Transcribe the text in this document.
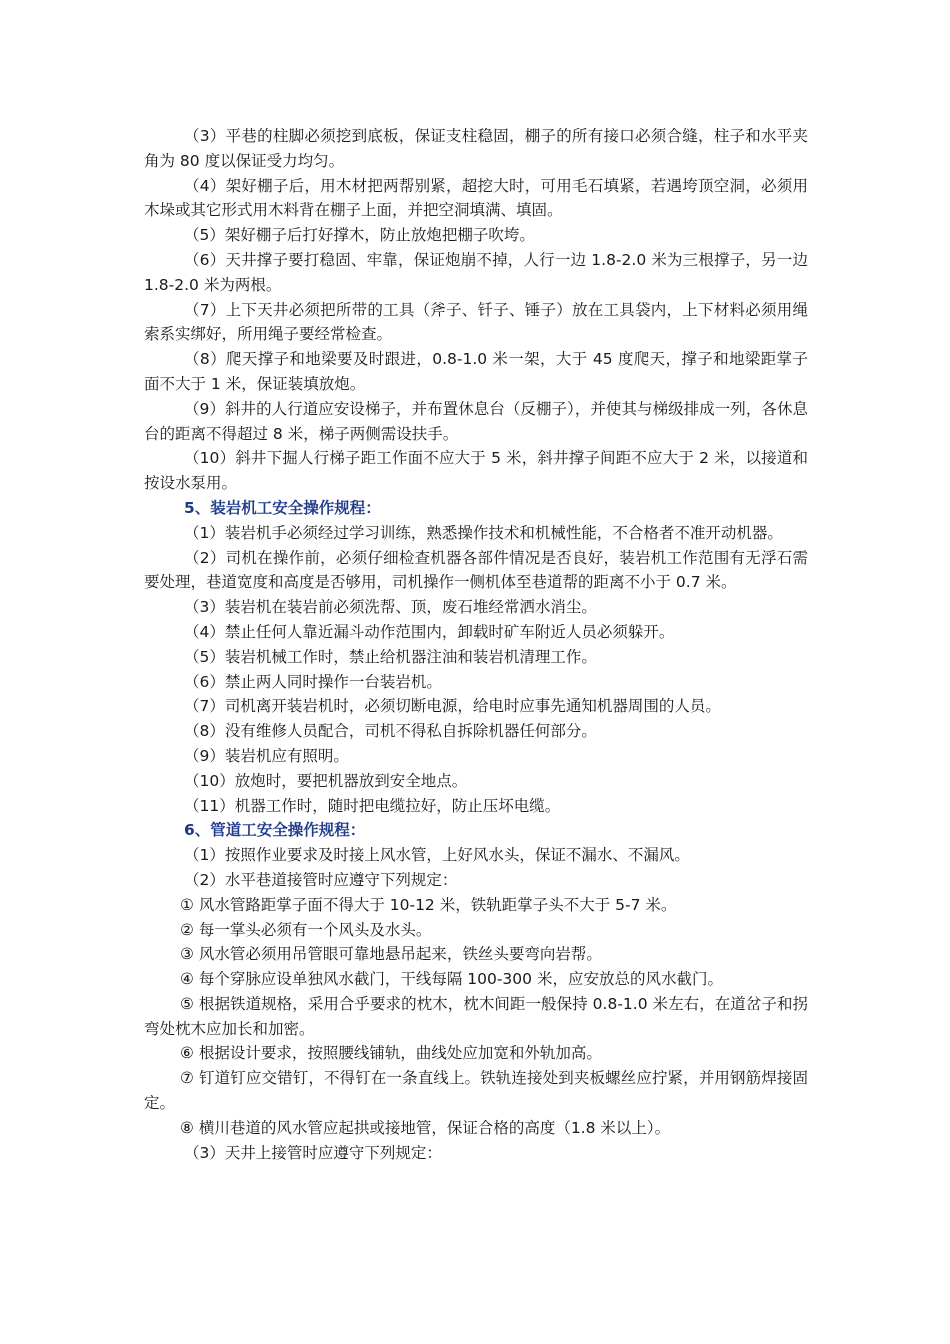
（3）平巷的柱脚必须挖到底板，保证支柱稳固，棚子的所有接口必须合缝，柱子和水平夹角为 80 度以保证受力均匀。

（4）架好棚子后，用木材把两帮别紧，超挖大时，可用毛石填紧，若遇垮顶空洞，必须用木垛或其它形式用木料背在棚子上面，并把空洞填满、填固。

（5）架好棚子后打好撑木，防止放炮把棚子吹垮。

（6）天井撑子要打稳固、牢靠，保证炮崩不掉，人行一边 1.8-2.0 米为三根撑子，另一边 1.8-2.0 米为两根。

（7）上下天井必须把所带的工具（斧子、钎子、锤子）放在工具袋内，上下材料必须用绳索系实绑好，所用绳子要经常检查。

（8）爬天撑子和地梁要及时跟进，0.8-1.0 米一架，大于 45 度爬天，撑子和地梁距掌子面不大于 1 米，保证装填放炮。

（9）斜井的人行道应安设梯子，并布置休息台（反棚子），并使其与梯级排成一列，各休息台的距离不得超过 8 米，梯子两侧需设扶手。

（10）斜井下掘人行梯子距工作面不应大于 5 米，斜井撑子间距不应大于 2 米，以接道和按设水泵用。

5、装岩机工安全操作规程：

（1）装岩机手必须经过学习训练，熟悉操作技术和机械性能，不合格者不准开动机器。

（2）司机在操作前，必须仔细检查机器各部件情况是否良好，装岩机工作范围有无浮石需要处理，巷道宽度和高度是否够用，司机操作一侧机体至巷道帮的距离不小于 0.7 米。

（3）装岩机在装岩前必须洗帮、顶，废石堆经常洒水消尘。

（4）禁止任何人靠近漏斗动作范围内，卸载时矿车附近人员必须躲开。

（5）装岩机械工作时，禁止给机器注油和装岩机清理工作。

（6）禁止两人同时操作一台装岩机。

（7）司机离开装岩机时，必须切断电源，给电时应事先通知机器周围的人员。

（8）没有维修人员配合，司机不得私自拆除机器任何部分。

（9）装岩机应有照明。

（10）放炮时，要把机器放到安全地点。

（11）机器工作时，随时把电缆拉好，防止压坏电缆。

6、管道工安全操作规程：

（1）按照作业要求及时接上风水管，上好风水头，保证不漏水、不漏风。

（2）水平巷道接管时应遵守下列规定：

① 风水管路距掌子面不得大于 10-12 米，铁轨距掌子头不大于 5-7 米。

② 每一掌头必须有一个风头及水头。

③ 风水管必须用吊管眼可靠地悬吊起来，铁丝头要弯向岩帮。

④ 每个穿脉应设单独风水截门，干线每隔 100-300 米，应安放总的风水截门。

⑤ 根据铁道规格，采用合乎要求的枕木，枕木间距一般保持 0.8-1.0 米左右，在道岔子和拐弯处枕木应加长和加密。

⑥ 根据设计要求，按照腰线铺轨，曲线处应加宽和外轨加高。

⑦ 钉道钉应交错钉，不得钉在一条直线上。铁轨连接处到夹板螺丝应拧紧，并用钢筋焊接固定。

⑧ 横川巷道的风水管应起拱或接地管，保证合格的高度（1.8 米以上）。

（3）天井上接管时应遵守下列规定：
